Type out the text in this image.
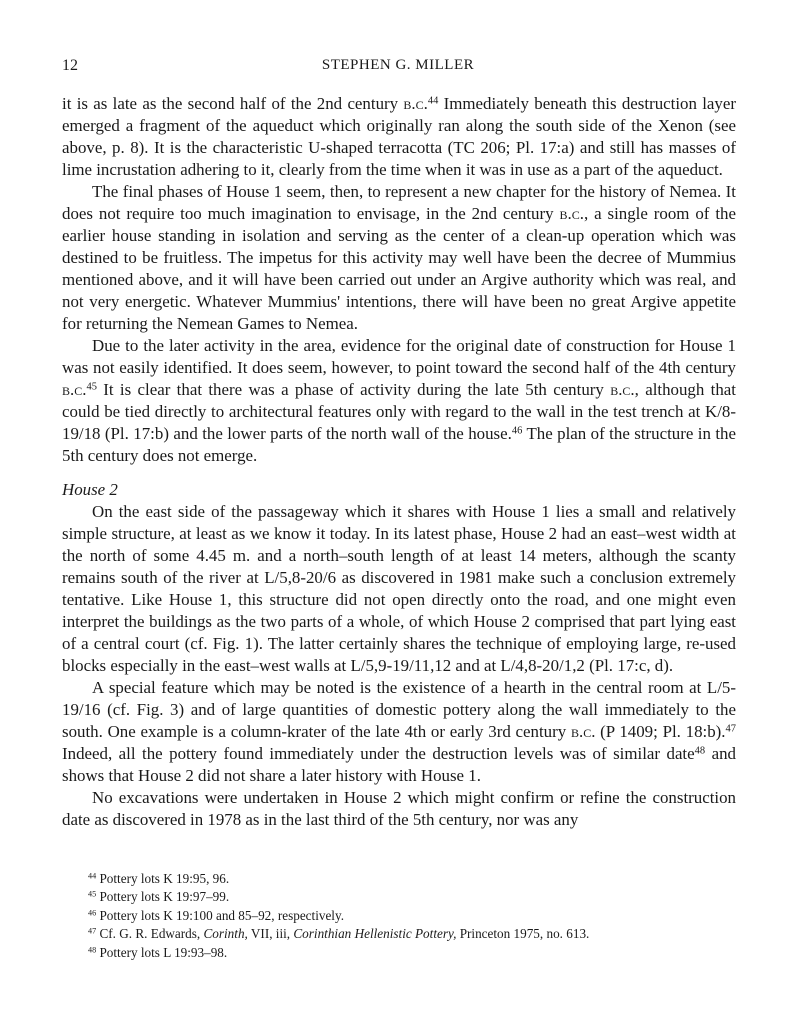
12	STEPHEN G. MILLER

it is as late as the second half of the 2nd century b.c.$^{44}$ Immediately beneath this destruction layer emerged a fragment of the aqueduct which originally ran along the south side of the Xenon (see above, p. 8). It is the characteristic U-shaped terracotta (TC 206; Pl. 17:a) and still has masses of lime incrustation adhering to it, clearly from the time when it was in use as a part of the aqueduct.

The final phases of House 1 seem, then, to represent a new chapter for the history of Nemea. It does not require too much imagination to envisage, in the 2nd century b.c., a single room of the earlier house standing in isolation and serving as the center of a clean-up operation which was destined to be fruitless. The impetus for this activity may well have been the decree of Mummius mentioned above, and it will have been carried out under an Argive authority which was real, and not very energetic. Whatever Mummius' intentions, there will have been no great Argive appetite for returning the Nemean Games to Nemea.

Due to the later activity in the area, evidence for the original date of construction for House 1 was not easily identified. It does seem, however, to point toward the second half of the 4th century b.c.$^{45}$ It is clear that there was a phase of activity during the late 5th century b.c., although that could be tied directly to architectural features only with regard to the wall in the test trench at K/8-19/18 (Pl. 17:b) and the lower parts of the north wall of the house.$^{46}$ The plan of the structure in the 5th century does not emerge.

House 2

On the east side of the passageway which it shares with House 1 lies a small and relatively simple structure, at least as we know it today. In its latest phase, House 2 had an east–west width at the north of some 4.45 m. and a north–south length of at least 14 meters, although the scanty remains south of the river at L/5,8-20/6 as discovered in 1981 make such a conclusion extremely tentative. Like House 1, this structure did not open directly onto the road, and one might even interpret the buildings as the two parts of a whole, of which House 2 comprised that part lying east of a central court (cf. Fig. 1). The latter certainly shares the technique of employing large, re-used blocks especially in the east–west walls at L/5,9-19/11,12 and at L/4,8-20/1,2 (Pl. 17:c, d).

A special feature which may be noted is the existence of a hearth in the central room at L/5-19/16 (cf. Fig. 3) and of large quantities of domestic pottery along the wall immediately to the south. One example is a column-krater of the late 4th or early 3rd century b.c. (P 1409; Pl. 18:b).$^{47}$ Indeed, all the pottery found immediately under the destruction levels was of similar date$^{48}$ and shows that House 2 did not share a later history with House 1.

No excavations were undertaken in House 2 which might confirm or refine the construction date as discovered in 1978 as in the last third of the 5th century, nor was any

$^{44}$ Pottery lots K 19:95, 96.

$^{45}$ Pottery lots K 19:97–99.

$^{46}$ Pottery lots K 19:100 and 85–92, respectively.

$^{47}$ Cf. G. R. Edwards, Corinth, VII, iii, Corinthian Hellenistic Pottery, Princeton 1975, no. 613.

$^{48}$ Pottery lots L 19:93–98.
